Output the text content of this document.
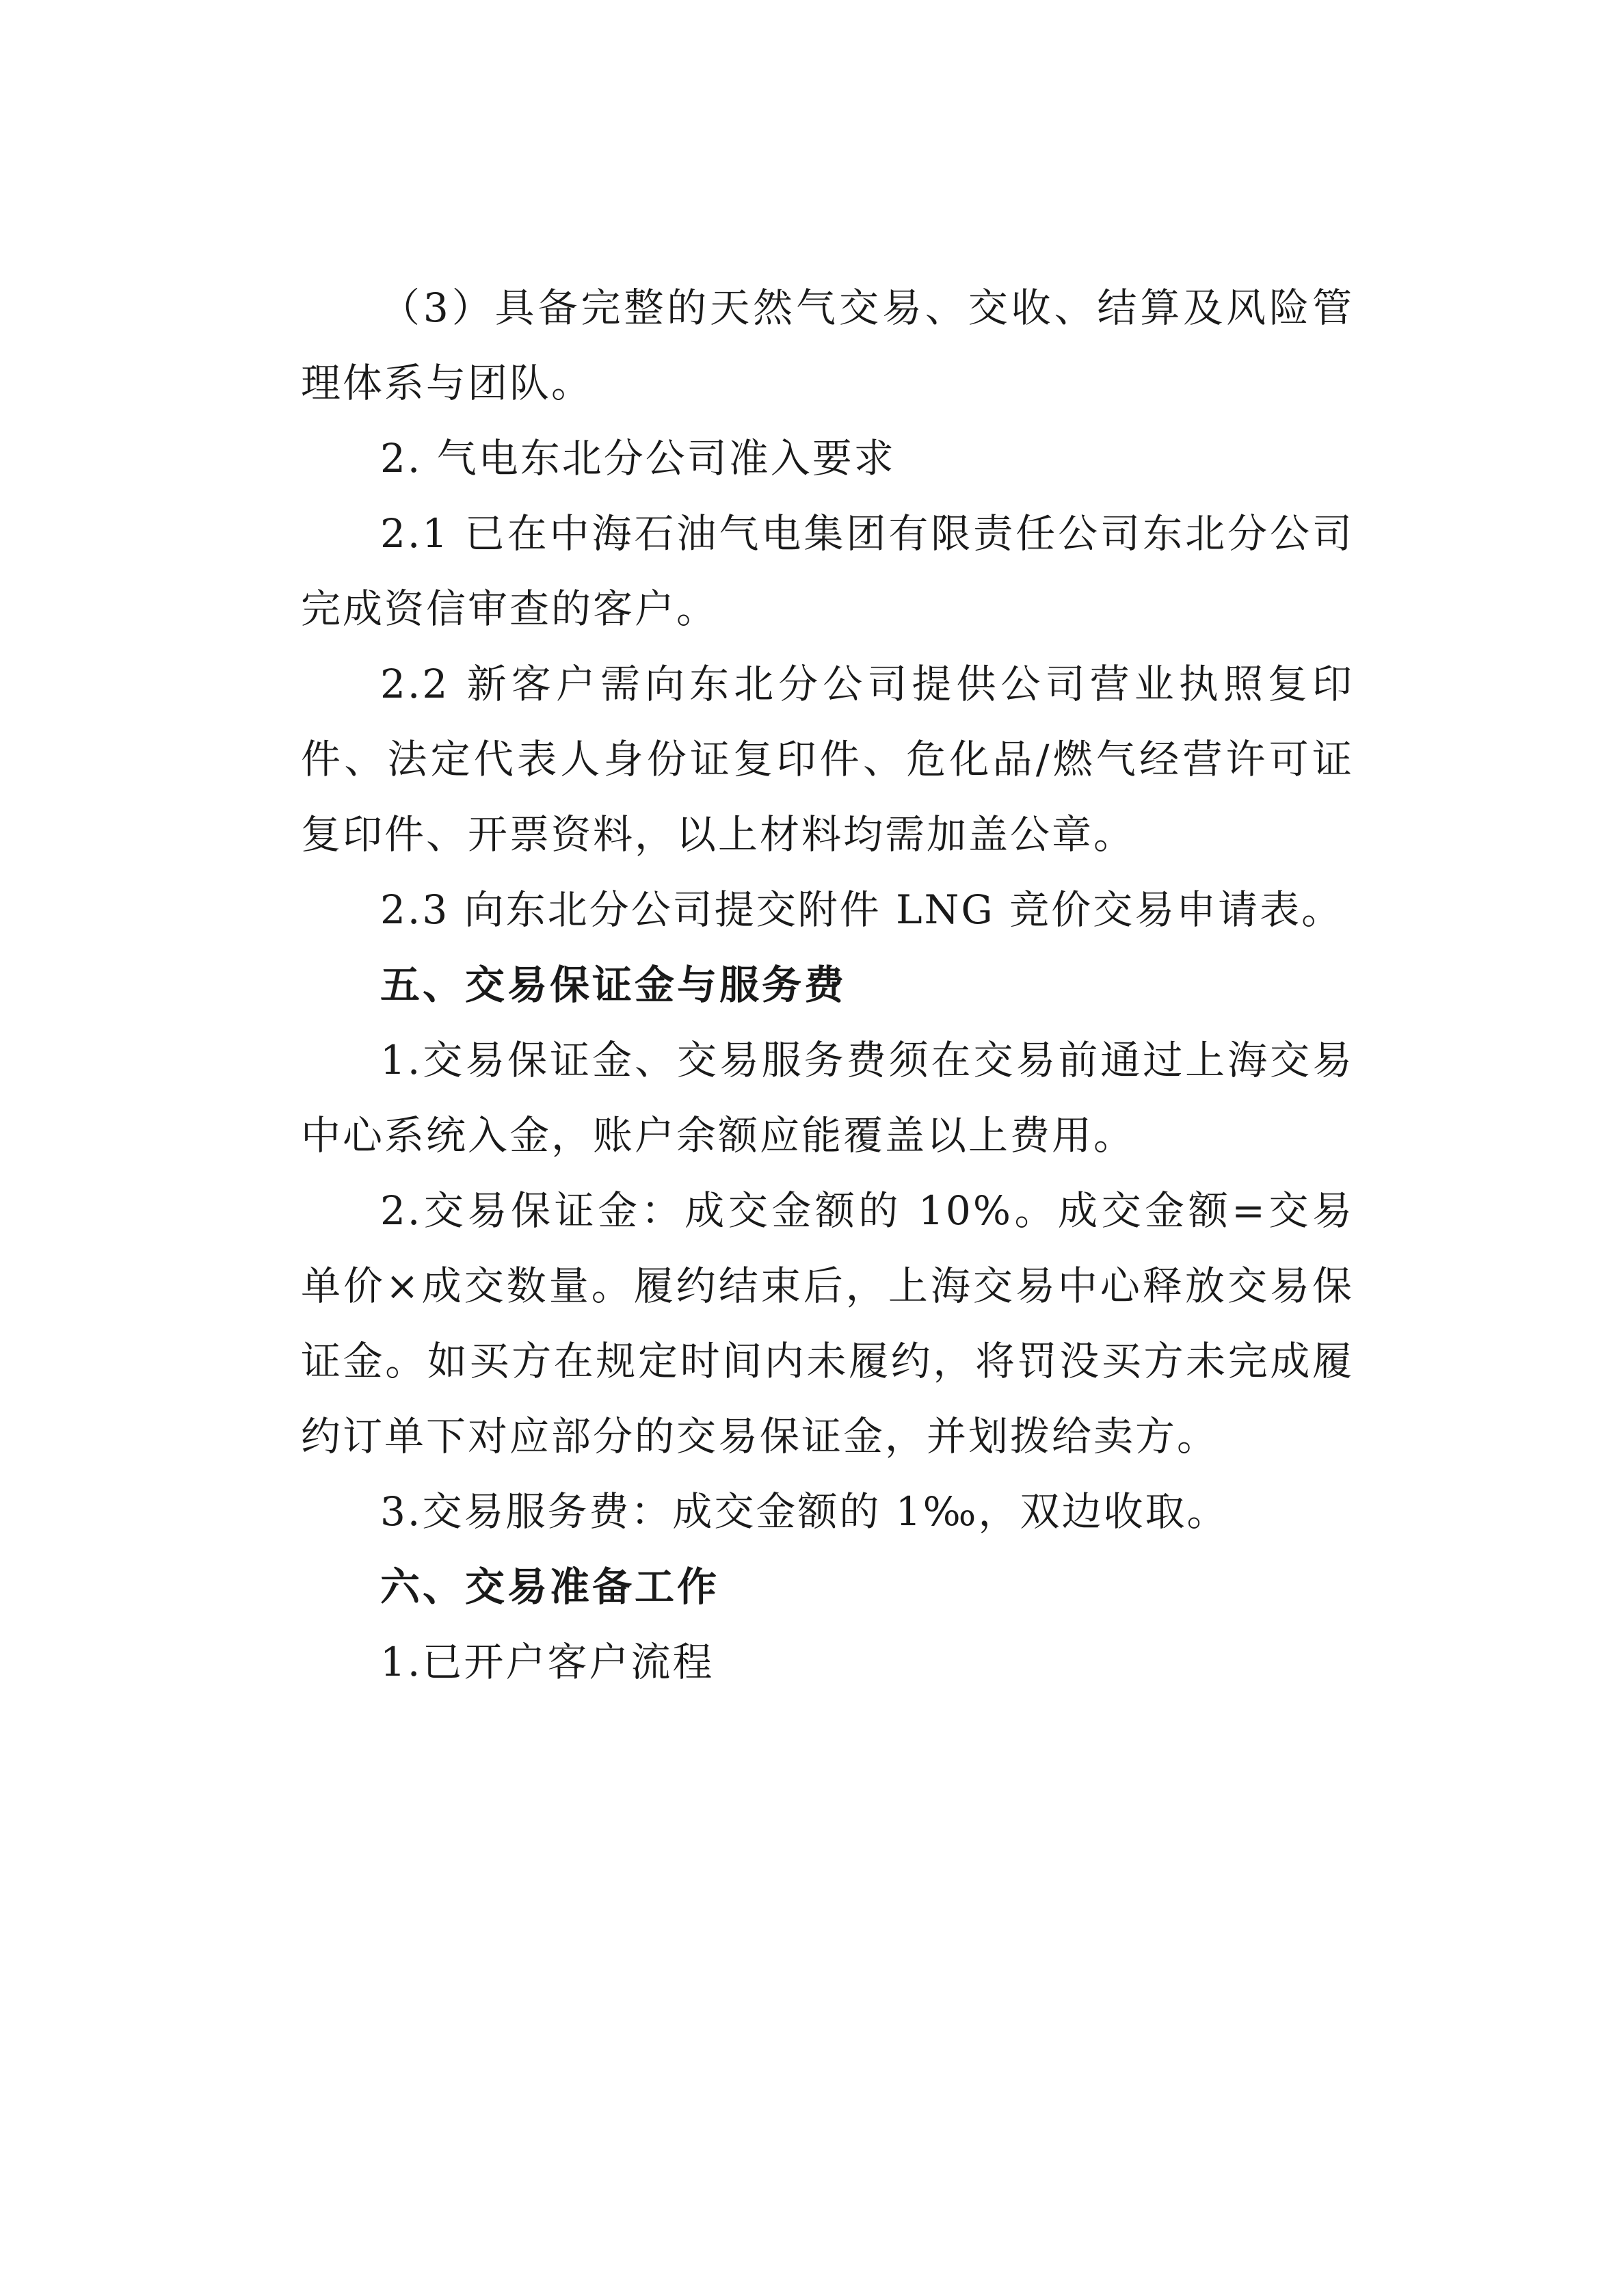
（3）具备完整的天然气交易、交收、结算及风险管理体系与团队。

2. 气电东北分公司准入要求

2.1 已在中海石油气电集团有限责任公司东北分公司完成资信审查的客户。

2.2 新客户需向东北分公司提供公司营业执照复印件、法定代表人身份证复印件、危化品/燃气经营许可证复印件、开票资料，以上材料均需加盖公章。

2.3 向东北分公司提交附件 LNG 竞价交易申请表。

五、交易保证金与服务费

1.交易保证金、交易服务费须在交易前通过上海交易中心系统入金，账户余额应能覆盖以上费用。

2.交易保证金：成交金额的 10%。成交金额=交易单价×成交数量。履约结束后，上海交易中心释放交易保证金。如买方在规定时间内未履约，将罚没买方未完成履约订单下对应部分的交易保证金，并划拨给卖方。

3.交易服务费：成交金额的 1‰，双边收取。

六、交易准备工作

1.已开户客户流程
